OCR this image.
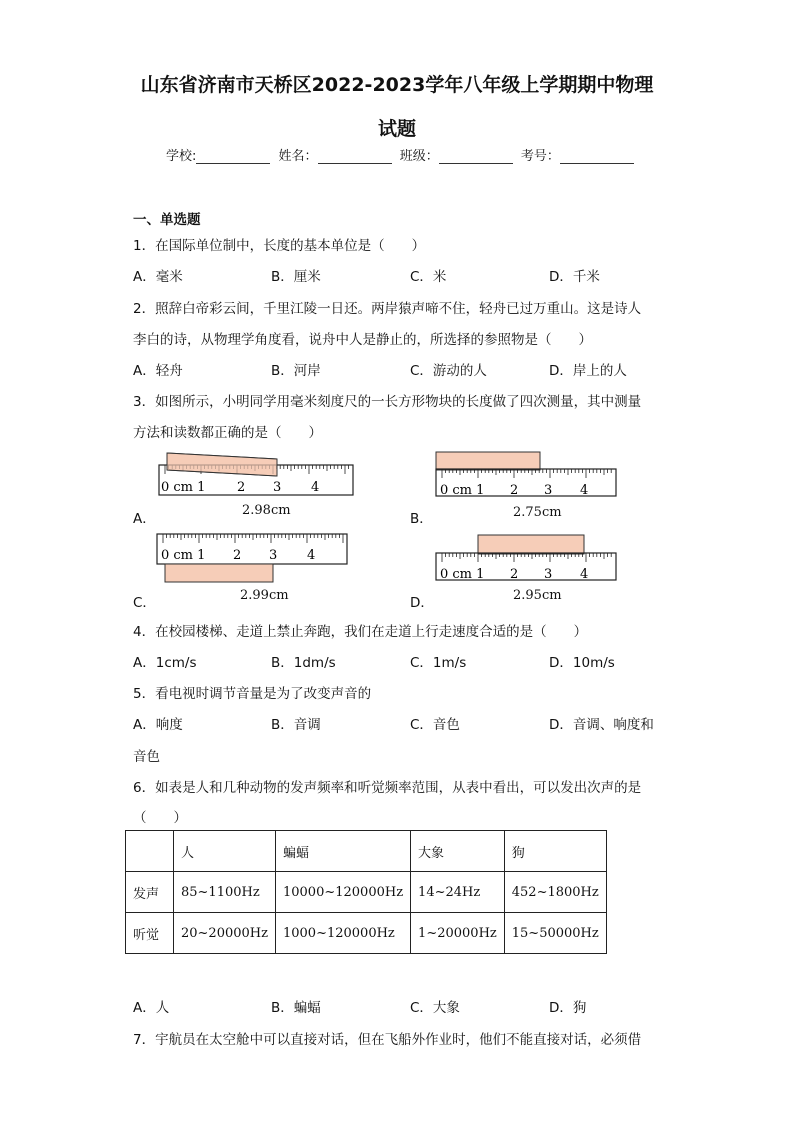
山东省济南市天桥区2022-2023学年八年级上学期期中物理
试题
学校:	姓名：	班级：	考号：
一、单选题
1．在国际单位制中，长度的基本单位是（　　）
A．毫米	B．厘米	C．米	D．千米
2．照辞白帝彩云间，千里江陵一日还。两岸猿声啼不住，轻舟已过万重山。这是诗人
李白的诗，从物理学角度看，说舟中人是静止的，所选择的参照物是（　　）
A．轻舟	B．河岸	C．游动的人	D．岸上的人
3．如图所示，小明同学用毫米刻度尺的一长方形物块的长度做了四次测量，其中测量
方法和读数都正确的是（　　）
0 cm 1 2 3 4
A．
2.98cm
0 cm 1 2 3 4
B．	2.75cm
0 cm 1 2 3 4
C．	2.99cm
0 cm 1 2 3 4
D．	2.95cm
4．在校园楼梯、走道上禁止奔跑，我们在走道上行走速度合适的是（　　）
A．1cm/s	B．1dm/s	C．1m/s	D．10m/s
5．看电视时调节音量是为了改变声音的
A．响度	B．音调	C．音色	D．音调、响度和
音色
6．如表是人和几种动物的发声频率和听觉频率范围，从表中看出，可以发出次声的是
（　　）
	人	蝙蝠	大象	狗
发声	85~1100Hz	10000~120000Hz	14~24Hz	452~1800Hz
听觉	20~20000Hz	1000~120000Hz	1~20000Hz	15~50000Hz
A．人	B．蝙蝠	C．大象	D．狗
7．宇航员在太空舱中可以直接对话，但在飞船外作业时，他们不能直接对话，必须借
